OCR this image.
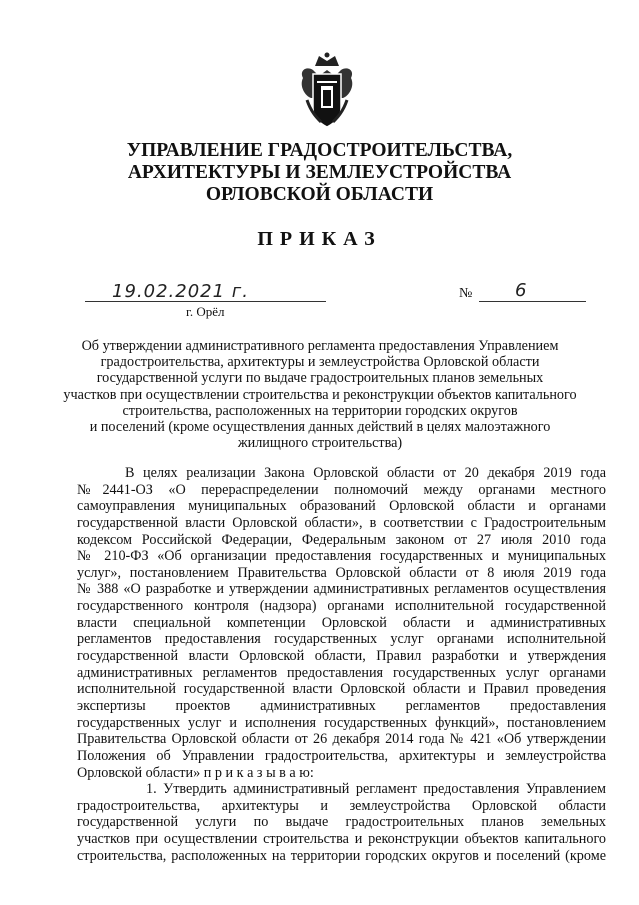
УПРАВЛЕНИЕ ГРАДОСТРОИТЕЛЬСТВА,
АРХИТЕКТУРЫ И ЗЕМЛЕУСТРОЙСТВА
ОРЛОВСКОЙ ОБЛАСТИ
ПРИКАЗ
19.02.2021 г.
г. Орёл
№ 6
Об утверждении административного регламента предоставления Управлением
градостроительства, архитектуры и землеустройства Орловской области
государственной услуги по выдаче градостроительных планов земельных
участков при осуществлении строительства и реконструкции объектов капитального
строительства, расположенных на территории городских округов
и поселений (кроме осуществления данных действий в целях малоэтажного
жилищного строительства)
В целях реализации Закона Орловской области от 20 декабря 2019 года
№2441-ОЗ «О перераспределении полномочий между органами местного
самоуправления муниципальных образований Орловской области и органами
государственной власти Орловской области», в соответствии с Градостроительным
кодексом Российской Федерации, Федеральным законом от 27 июля 2010 года
№ 210-ФЗ «Об организации предоставления государственных и муниципальных
услуг», постановлением Правительства Орловской области от 8 июля 2019 года
№ 388 «О разработке и утверждении административных регламентов осуществления
государственного контроля (надзора) органами исполнительной государственной
власти специальной компетенции Орловской области и административных
регламентов предоставления государственных услуг органами исполнительной
государственной власти Орловской области, Правил разработки и утверждения
административных регламентов предоставления государственных услуг органами
исполнительной государственной власти Орловской области и Правил проведения
экспертизы проектов административных регламентов предоставления
государственных услуг и исполнения государственных функций», постановлением
Правительства Орловской области от 26 декабря 2014 года № 421 «Об утверждении
Положения об Управлении градостроительства, архитектуры и землеустройства
Орловской области» п р и к а з ы в а ю:
1. Утвердить административный регламент предоставления Управлением
градостроительства, архитектуры и землеустройства Орловской области
государственной услуги по выдаче градостроительных планов земельных
участков при осуществлении строительства и реконструкции объектов капитального
строительства, расположенных на территории городских округов и поселений (кроме
